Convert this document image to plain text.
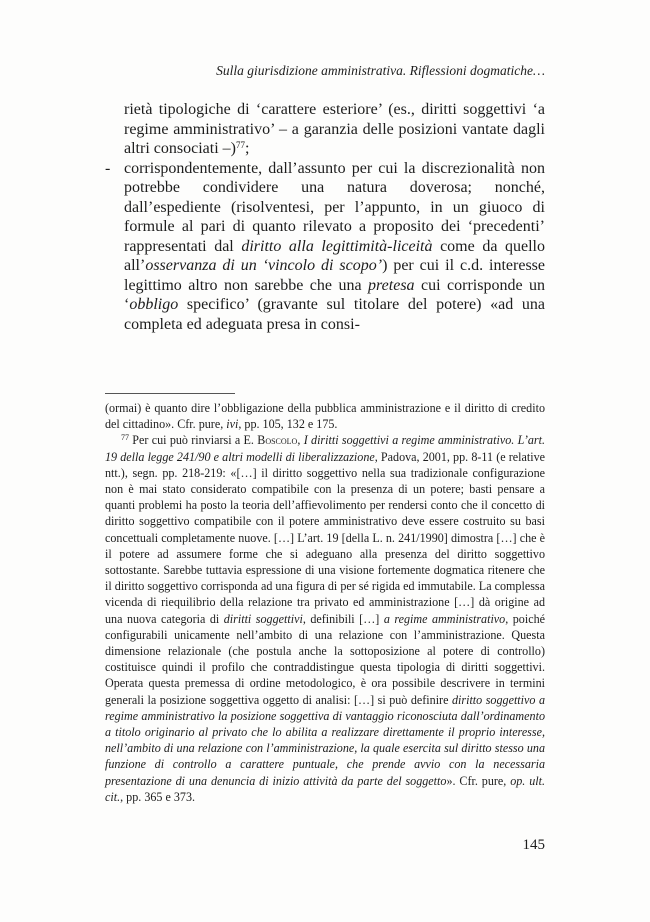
Sulla giurisdizione amministrativa. Riflessioni dogmatiche…

rietà tipologiche di ‘carattere esteriore’ (es., diritti soggettivi ‘a regime amministrativo’ – a garanzia delle posizioni vantate dagli altri consociati –)$^{77}$;

- corrispondentemente, dall’assunto per cui la discrezionalità non potrebbe condividere una natura doverosa; nonché, dall’espediente (risolventesi, per l’appunto, in un giuoco di formule al pari di quanto rilevato a proposito dei ‘precedenti’ rappresentati dal diritto alla legittimità-liceità come da quello all’osservanza di un ‘vincolo di scopo’) per cui il c.d. interesse legittimo altro non sarebbe che una pretesa cui corrisponde un ‘obbligo specifico’ (gravante sul titolare del potere) «ad una completa ed adeguata presa in consi-

(ormai) è quanto dire l’obbligazione della pubblica amministrazione e il diritto di credito del cittadino». Cfr. pure, ivi, pp. 105, 132 e 175.

$^{77}$ Per cui può rinviarsi a E. Boscolo, I diritti soggettivi a regime amministrativo. L’art. 19 della legge 241/90 e altri modelli di liberalizzazione, Padova, 2001, pp. 8-11 (e relative ntt.), segn. pp. 218-219: «[…] il diritto soggettivo nella sua tradizionale configurazione non è mai stato considerato compatibile con la presenza di un potere; basti pensare a quanti problemi ha posto la teoria dell’affievolimento per rendersi conto che il concetto di diritto soggettivo compatibile con il potere amministrativo deve essere costruito su basi concettuali completamente nuove. […] L’art. 19 [della L. n. 241/1990] dimostra […] che è il potere ad assumere forme che si adeguano alla presenza del diritto soggettivo sottostante. Sarebbe tuttavia espressione di una visione fortemente dogmatica ritenere che il diritto soggettivo corrisponda ad una figura di per sé rigida ed immutabile. La complessa vicenda di riequilibrio della relazione tra privato ed amministrazione […] dà origine ad una nuova categoria di diritti soggettivi, definibili […] a regime amministrativo, poiché configurabili unicamente nell’ambito di una relazione con l’amministrazione. Questa dimensione relazionale (che postula anche la sottoposizione al potere di controllo) costituisce quindi il profilo che contraddistingue questa tipologia di diritti soggettivi. Operata questa premessa di ordine metodologico, è ora possibile descrivere in termini generali la posizione soggettiva oggetto di analisi: […] si può definire diritto soggettivo a regime amministrativo la posizione soggettiva di vantaggio riconosciuta dall’ordinamento a titolo originario al privato che lo abilita a realizzare direttamente il proprio interesse, nell’ambito di una relazione con l’amministrazione, la quale esercita sul diritto stesso una funzione di controllo a carattere puntuale, che prende avvio con la necessaria presentazione di una denuncia di inizio attività da parte del soggetto». Cfr. pure, op. ult. cit., pp. 365 e 373.

145
